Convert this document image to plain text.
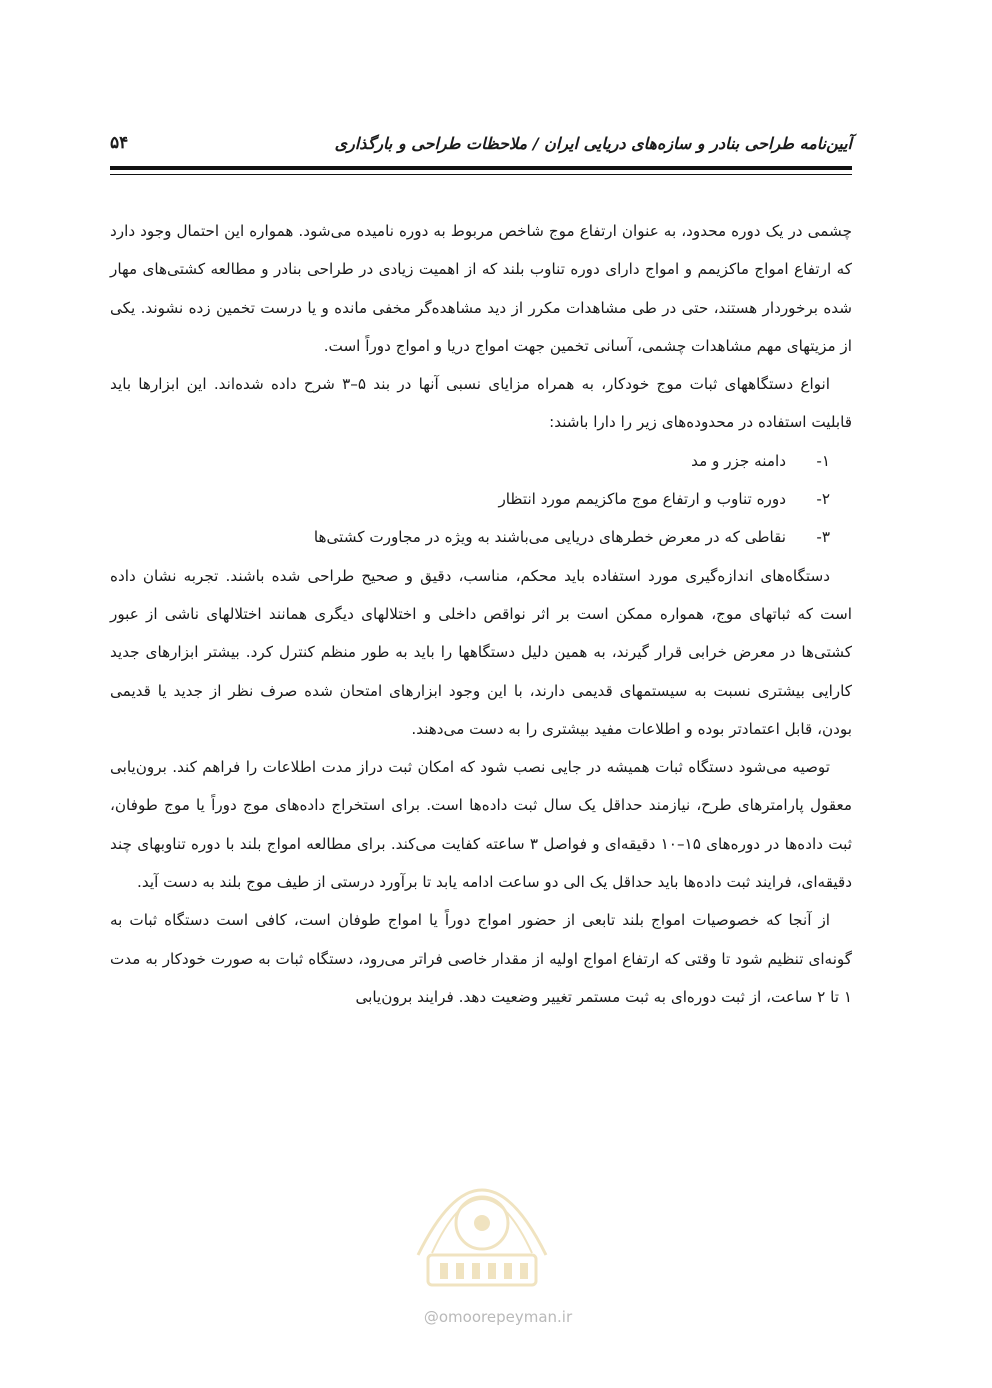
آیین‌نامه طراحی بنادر و سازه‌های دریایی ایران / ملاحظات طراحی و بارگذاری
۵۴

چشمی در یک دوره محدود، به عنوان ارتفاع موج شاخص مربوط به دوره نامیده می‌شود. همواره این احتمال وجود دارد که ارتفاع امواج ماکزیمم و امواج دارای دوره تناوب بلند که از اهمیت زیادی در طراحی بنادر و مطالعه کشتی‌های مهار شده برخوردار هستند، حتی در طی مشاهدات مکرر از دید مشاهده‌گر مخفی مانده و یا درست تخمین زده نشوند. یکی از مزیتهای مهم مشاهدات چشمی، آسانی تخمین جهت امواج دریا و امواج دوراً است.

انواع دستگاههای ثبات موج خودکار، به همراه مزایای نسبی آنها در بند ۵–۳ شرح داده شده‌اند. این ابزارها باید قابلیت استفاده در محدوده‌های زیر را دارا باشند:

۱-
دامنه جزر و مد
۲-
دوره تناوب و ارتفاع موج ماکزیمم مورد انتظار
۳-
نقاطی که در معرض خطرهای دریایی می‌باشند به ویژه در مجاورت کشتی‌ها

دستگاه‌های اندازه‌گیری مورد استفاده باید محکم، مناسب، دقیق و صحیح طراحی شده باشند. تجربه نشان داده است که ثباتهای موج، همواره ممکن است بر اثر نواقص داخلی و اختلالهای دیگری همانند اختلالهای ناشی از عبور کشتی‌ها در معرض خرابی قرار گیرند، به همین دلیل دستگاهها را باید به طور منظم کنترل کرد. بیشتر ابزارهای جدید کارایی بیشتری نسبت به سیستمهای قدیمی دارند، با این وجود ابزارهای امتحان شده صرف نظر از جدید یا قدیمی بودن، قابل اعتمادتر بوده و اطلاعات مفید بیشتری را به دست می‌دهند.

توصیه می‌شود دستگاه ثبات همیشه در جایی نصب شود که امکان ثبت دراز مدت اطلاعات را فراهم کند. برون‌یابی معقول پارامترهای طرح، نیازمند حداقل یک سال ثبت داده‌ها است. برای استخراج داده‌های موج دوراً یا موج طوفان، ثبت داده‌ها در دوره‌های ۱۵–۱۰ دقیقه‌ای و فواصل ۳ ساعته کفایت می‌کند. برای مطالعه امواج بلند با دوره تناوبهای چند دقیقه‌ای، فرایند ثبت داده‌ها باید حداقل یک الی دو ساعت ادامه یابد تا برآورد درستی از طیف موج بلند به دست آید.

از آنجا که خصوصیات امواج بلند تابعی از حضور امواج دوراً یا امواج طوفان است، کافی است دستگاه ثبات به گونه‌ای تنظیم شود تا وقتی که ارتفاع امواج اولیه از مقدار خاصی فراتر می‌رود، دستگاه ثبات به صورت خودکار به مدت ۱ تا ۲ ساعت، از ثبت دوره‌ای به ثبت مستمر تغییر وضعیت دهد. فرایند برون‌یابی

@omoorepeyman.ir
